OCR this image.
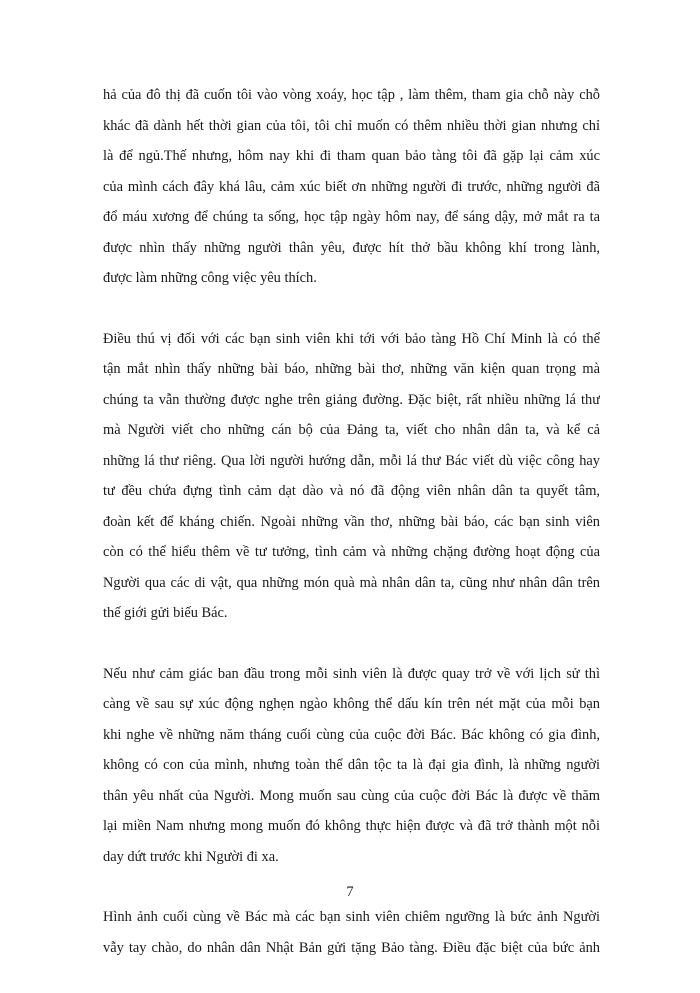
hả của đô thị đã cuốn tôi vào vòng xoáy, học tập , làm thêm, tham gia chỗ này chỗ
khác đã dành hết thời gian của tôi, tôi chỉ muốn có thêm nhiều thời gian nhưng chỉ
là để ngủ.Thế nhưng, hôm nay khi đi tham quan bảo tàng tôi đã gặp lại cảm xúc
của mình cách đây khá lâu, cảm xúc biết ơn những người đi trước, những người đã
đổ máu xương để chúng ta sống, học tập ngày hôm nay, để sáng dậy, mở mắt ra ta
được nhìn thấy những người thân yêu, được hít thở bầu không khí trong lành,
được làm những công việc yêu thích.

Điều thú vị đối với các bạn sinh viên khi tới với bảo tàng Hồ Chí Minh là có thể
tận mắt nhìn thấy những bài báo, những bài thơ, những văn kiện quan trọng mà
chúng ta vẫn thường được nghe trên giảng đường. Đặc biệt, rất nhiều những lá thư
mà Người viết cho những cán bộ của Đảng ta, viết cho nhân dân ta, và kể cả
những lá thư riêng. Qua lời người hướng dẫn, mỗi lá thư Bác viết dù việc công hay
tư đều chứa đựng tình cảm dạt dào và nó đã động viên nhân dân ta quyết tâm,
đoàn kết để kháng chiến. Ngoài những vần thơ, những bài báo, các bạn sinh viên
còn có thể hiểu thêm về tư tưởng, tình cảm và những chặng đường hoạt động của
Người qua các di vật, qua những món quà mà nhân dân ta, cũng như nhân dân trên
thế giới gửi biếu Bác.

Nếu như cảm giác ban đầu trong mỗi sinh viên là được quay trở về với lịch sử thì
càng về sau sự xúc động nghẹn ngào không thể dấu kín trên nét mặt của mỗi bạn
khi nghe về những năm tháng cuối cùng của cuộc đời Bác. Bác không có gia đình,
không có con của mình, nhưng toàn thể dân tộc ta là đại gia đình, là những người
thân yêu nhất của Người. Mong muốn sau cùng của cuộc đời Bác là được về thăm
lại miền Nam nhưng mong muốn đó không thực hiện được và đã trở thành một nỗi
day dứt trước khi Người đi xa.

Hình ảnh cuối cùng về Bác mà các bạn sinh viên chiêm ngưỡng là bức ảnh Người
vẫy tay chào, do nhân dân Nhật Bản gửi tặng Bảo tàng. Điều đặc biệt của bức ảnh

7
